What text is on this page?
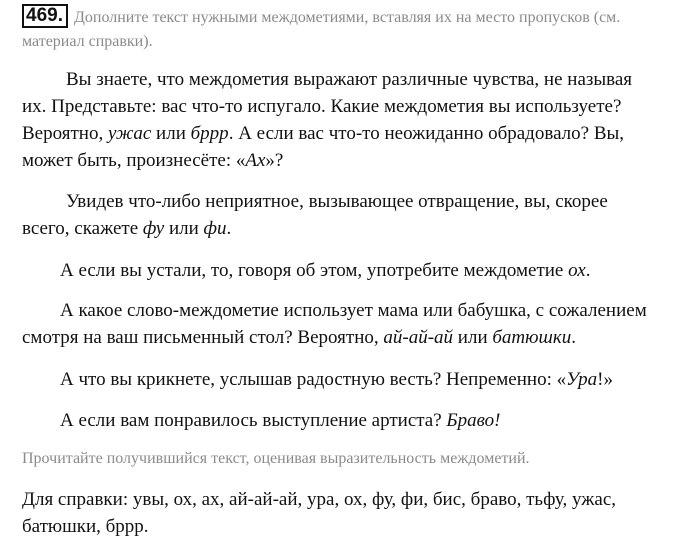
469. Дополните текст нужными междометиями, вставляя их на место пропусков (см.
материал справки).
Вы знаете, что междометия выражают различные чувства, не называя
их. Представьте: вас что-то испугало. Какие междометия вы используете?
Вероятно, ужас или бррр. А если вас что-то неожиданно обрадовало? Вы,
может быть, произнесёте: «Ах»?
Увидев что-либо неприятное, вызывающее отвращение, вы, скорее
всего, скажете фу или фи.
А если вы устали, то, говоря об этом, употребите междометие ох.
А какое слово-междометие использует мама или бабушка, с сожалением
смотря на ваш письменный стол? Вероятно, ай-ай-ай или батюшки.
А что вы крикнете, услышав радостную весть? Непременно: «Ура!»
А если вам понравилось выступление артиста? Браво!
Прочитайте получившийся текст, оценивая выразительность междометий.
Для справки: увы, ох, ах, ай-ай-ай, ура, ох, фу, фи, бис, браво, тьфу, ужас,
батюшки, бррр.
